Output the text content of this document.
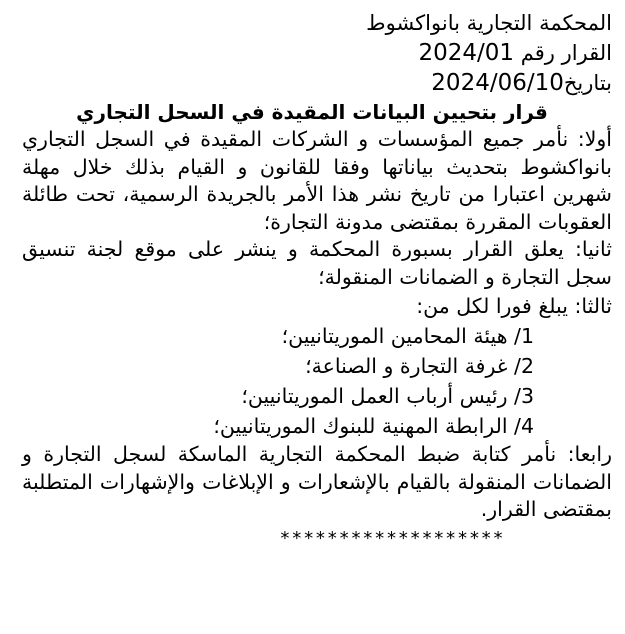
المحكمة التجارية بانواكشوط

القرار رقم 2024/01

بتاريخ2024/06/10

قرار بتحيين البيانات المقيدة في السحل التجاري

أولا: نأمر جميع المؤسسات و الشركات المقيدة في السجل التجاري بانواكشوط بتحديث بياناتها وفقا للقانون و القيام بذلك خلال مهلة شهرين اعتبارا من تاريخ نشر هذا الأمر بالجريدة الرسمية، تحت طائلة العقوبات المقررة بمقتضى مدونة التجارة؛

ثانيا: يعلق القرار بسبورة المحكمة و ينشر على موقع لجنة تنسيق سجل التجارة و الضمانات المنقولة؛

ثالثا: يبلغ فورا لكل من:

1/ هيئة المحامين الموريتانيين؛

2/ غرفة التجارة و الصناعة؛

3/ رئيس أرباب العمل الموريتانيين؛

4/ الرابطة المهنية للبنوك الموريتانيين؛

رابعا: نأمر كتابة ضبط المحكمة التجارية الماسكة لسجل التجارة و الضمانات المنقولة بالقيام بالإشعارات و الإبلاغات والإشهارات المتطلبة بمقتضى القرار.

*******************
